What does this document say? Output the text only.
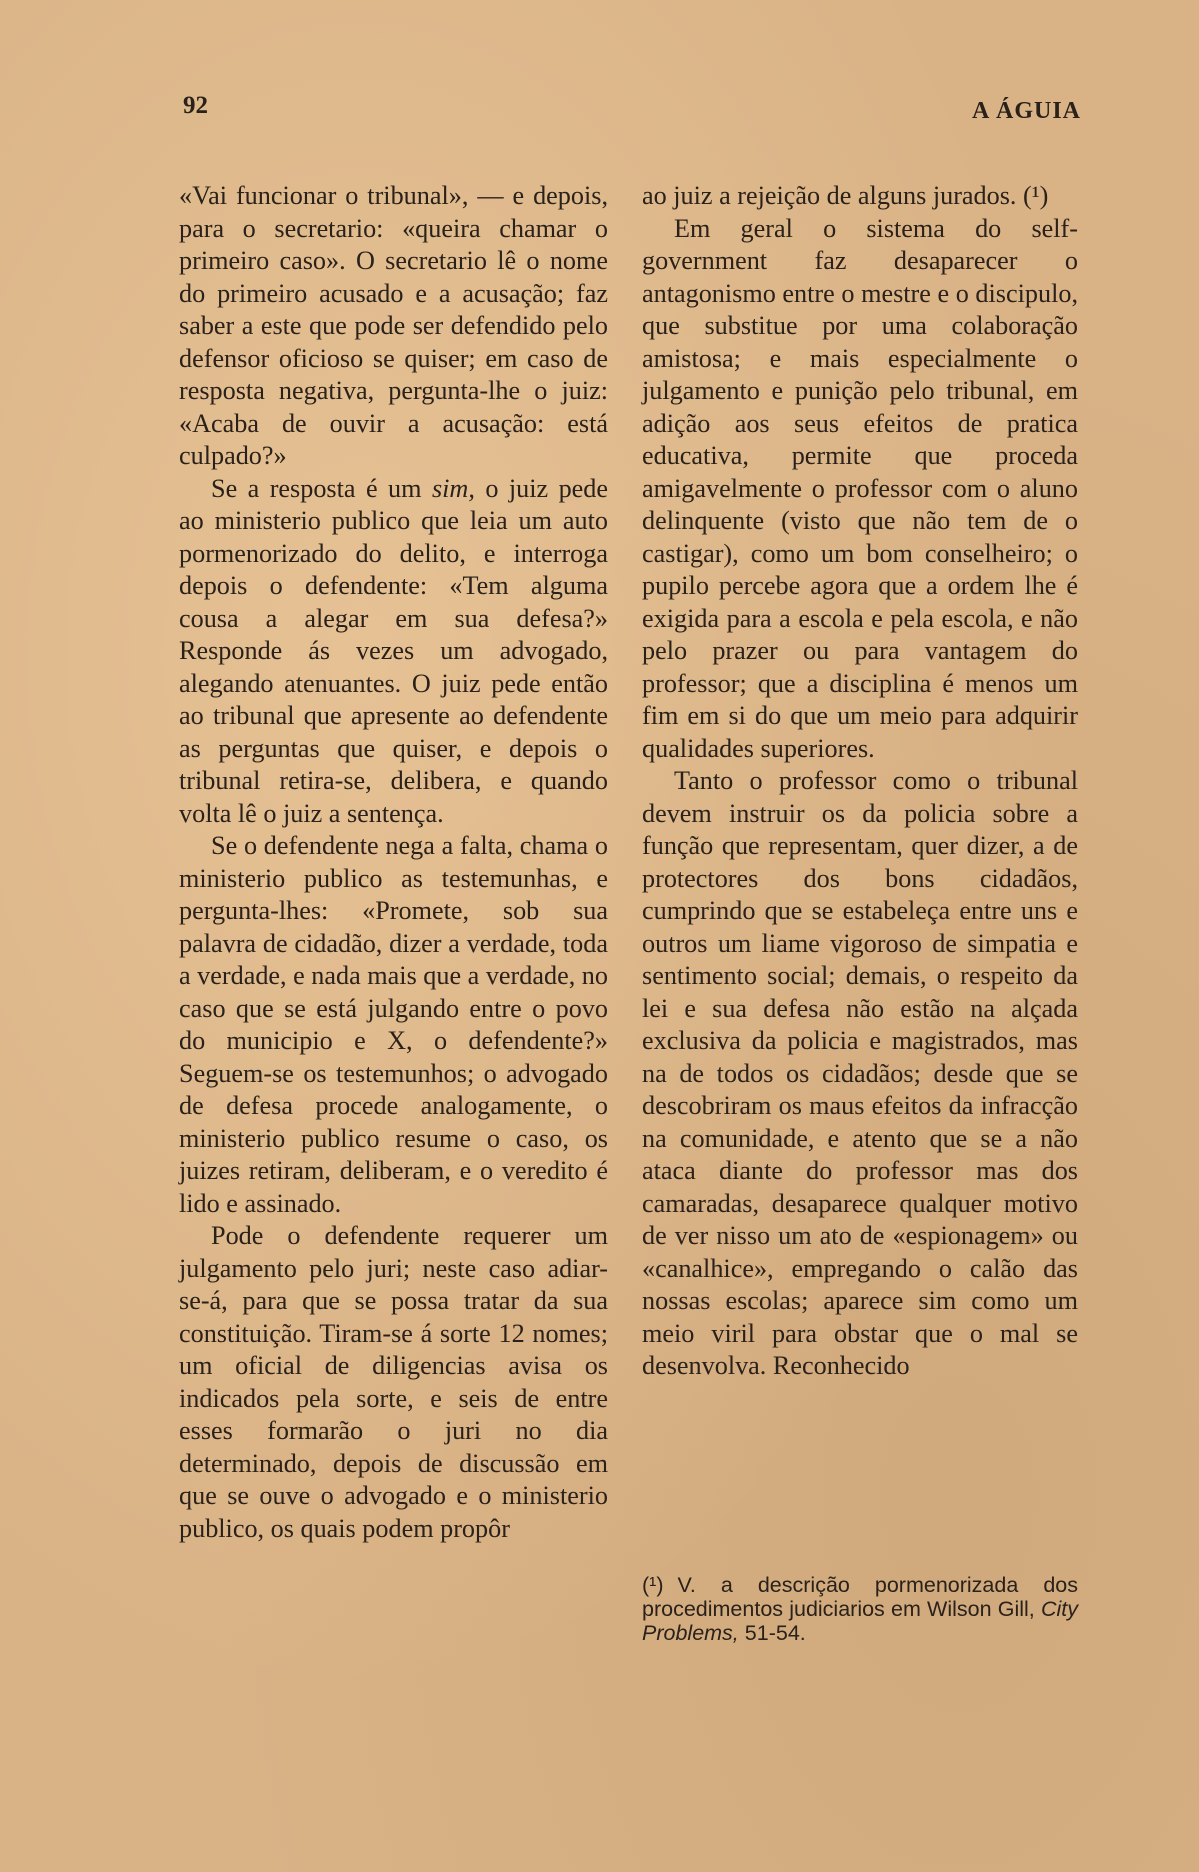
92	A ÁGUIA

«Vai funcionar o tribunal», — e depois, para o secretario: «queira chamar o primeiro caso». O secretario lê o nome do primeiro acusado e a acusação; faz saber a este que pode ser defendido pelo defensor oficioso se quiser; em caso de resposta negativa, pergunta-lhe o juiz: «Acaba de ouvir a acusação: está culpado?»

Se a resposta é um sim, o juiz pede ao ministerio publico que leia um auto pormenorizado do delito, e interroga depois o defendente: «Tem alguma cousa a alegar em sua defesa?» Responde ás vezes um advogado, alegando atenuantes. O juiz pede então ao tribunal que apresente ao defendente as perguntas que quiser, e depois o tribunal retira-se, delibera, e quando volta lê o juiz a sentença.

Se o defendente nega a falta, chama o ministerio publico as testemunhas, e pergunta-lhes: «Promete, sob sua palavra de cidadão, dizer a verdade, toda a verdade, e nada mais que a verdade, no caso que se está julgando entre o povo do municipio e X, o defendente?» Seguem-se os testemunhos; o advogado de defesa procede analogamente, o ministerio publico resume o caso, os juizes retiram, deliberam, e o veredito é lido e assinado.

Pode o defendente requerer um julgamento pelo juri; neste caso adiar-se-á, para que se possa tratar da sua constituição. Tiram-se á sorte 12 nomes; um oficial de diligencias avisa os indicados pela sorte, e seis de entre esses formarão o juri no dia determinado, depois de discussão em que se ouve o advogado e o ministerio publico, os quais podem propôr

ao juiz a rejeição de alguns jurados. (¹)

Em geral o sistema do self-government faz desaparecer o antagonismo entre o mestre e o discipulo, que substitue por uma colaboração amistosa; e mais especialmente o julgamento e punição pelo tribunal, em adição aos seus efeitos de pratica educativa, permite que proceda amigavelmente o professor com o aluno delinquente (visto que não tem de o castigar), como um bom conselheiro; o pupilo percebe agora que a ordem lhe é exigida para a escola e pela escola, e não pelo prazer ou para vantagem do professor; que a disciplina é menos um fim em si do que um meio para adquirir qualidades superiores.

Tanto o professor como o tribunal devem instruir os da policia sobre a função que representam, quer dizer, a de protectores dos bons cidadãos, cumprindo que se estabeleça entre uns e outros um liame vigoroso de simpatia e sentimento social; demais, o respeito da lei e sua defesa não estão na alçada exclusiva da policia e magistrados, mas na de todos os cidadãos; desde que se descobriram os maus efeitos da infracção na comunidade, e atento que se a não ataca diante do professor mas dos camaradas, desaparece qualquer motivo de ver nisso um ato de «espionagem» ou «canalhice», empregando o calão das nossas escolas; aparece sim como um meio viril para obstar que o mal se desenvolva. Reconhecido

(¹) V. a descrição pormenorizada dos procedimentos judiciarios em Wilson Gill, City Problems, 51-54.
